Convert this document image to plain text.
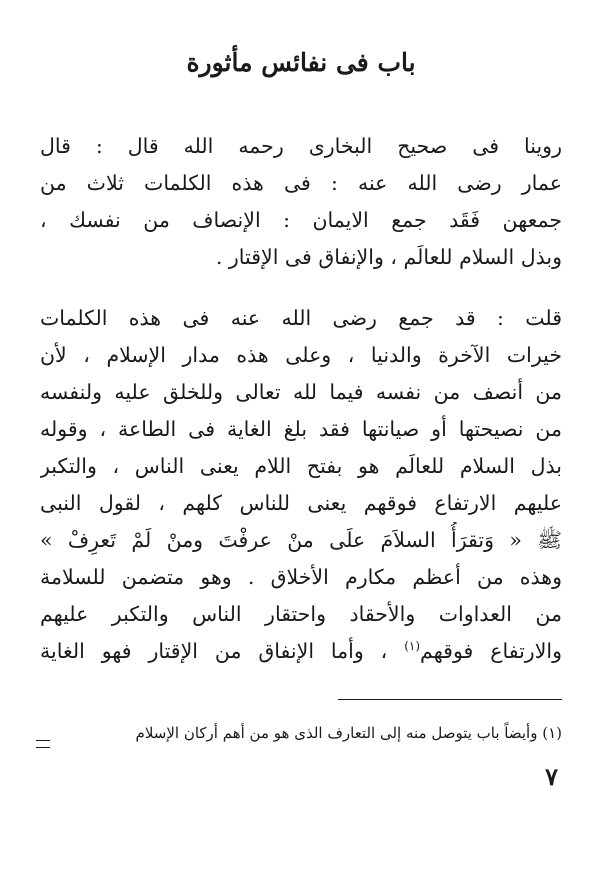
باب فى نفائس مأثورة
روينا فى صحيح البخارى رحمه الله قال : قال
عمار رضى الله عنه : فى هذه الكلمات ثلاث من
جمعهن فَقَد جمع الايمان : الإنصاف من نفسك ،
وبذل السلام للعالَم ، والإنفاق فى الإقتار .
قلت : قد جمع رضى الله عنه فى هذه الكلمات
خيرات الآخرة والدنيا ، وعلى هذه مدار الإسلام ، لأن
من أنصف من نفسه فيما لله تعالى وللخلق عليه ولنفسه
من نصيحتها أو صيانتها فقد بلغ الغاية فى الطاعة ، وقوله
بذل السلام للعالَم هو بفتح اللام يعنى الناس ، والتكبر
عليهم الارتفاع فوقهم يعنى للناس كلهم ، لقول النبى
ﷺ « وَتقرَأُ السلاَمَ علَى منْ عرفْتَ ومنْ لَمْ تَعرِفْ »
وهذه من أعظم مكارم الأخلاق . وهو متضمن للسلامة
من العداوات والأحقاد واحتقار الناس والتكبر عليهم
والارتفاع فوقهم$^{(١)}$ ، وأما الإنفاق من الإقتار فهو الغاية
(١) وأيضاً باب يتوصل منه إلى التعارف الذى هو من أهم أركان الإسلام
٧
